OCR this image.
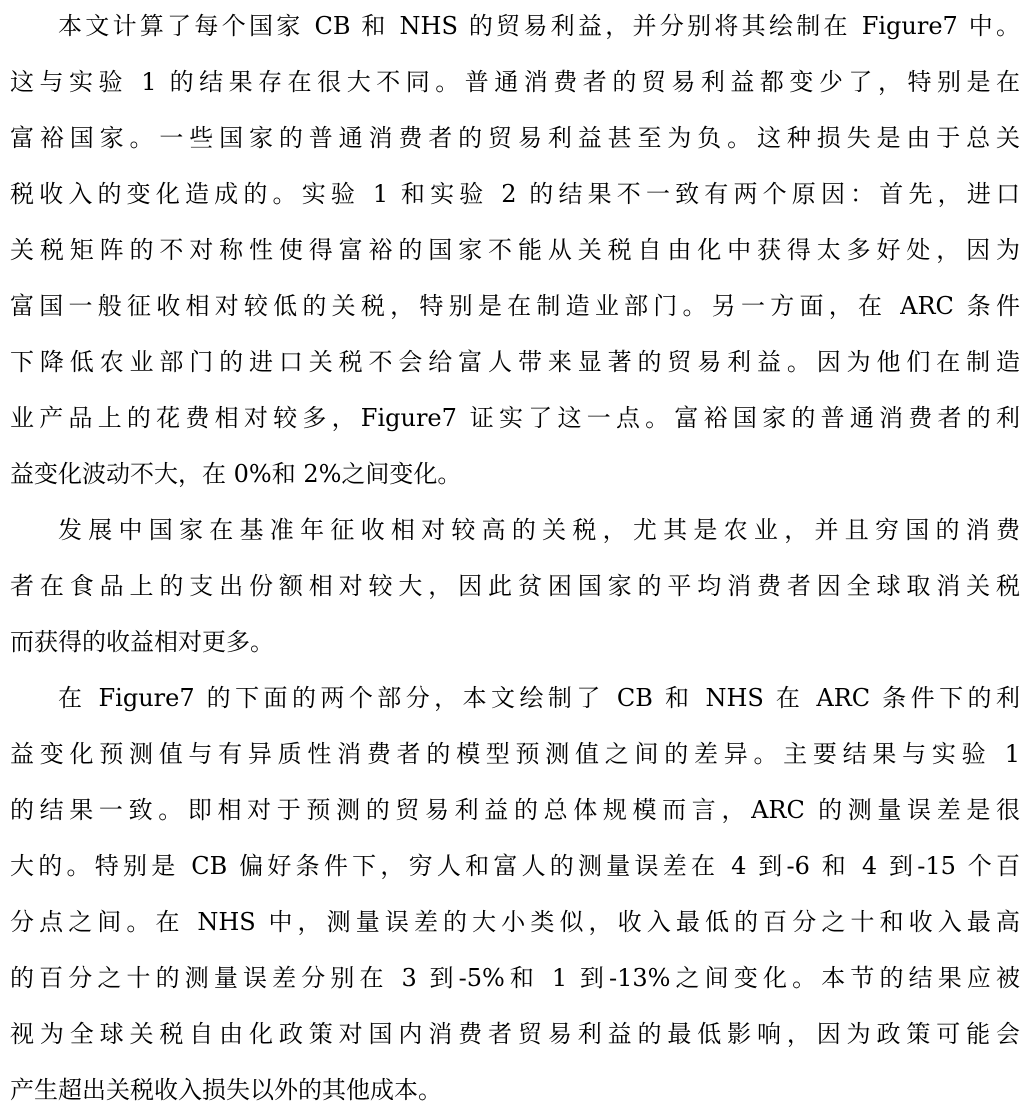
本文计算了每个国家 CB 和 NHS 的贸易利益，并分别将其绘制在 Figure7 中。
这与实验 1 的结果存在很大不同。普通消费者的贸易利益都变少了，特别是在
富裕国家。一些国家的普通消费者的贸易利益甚至为负。这种损失是由于总关
税收入的变化造成的。实验 1 和实验 2 的结果不一致有两个原因：首先，进口
关税矩阵的不对称性使得富裕的国家不能从关税自由化中获得太多好处，因为
富国一般征收相对较低的关税，特别是在制造业部门。另一方面，在 ARC 条件
下降低农业部门的进口关税不会给富人带来显著的贸易利益。因为他们在制造
业产品上的花费相对较多，Figure7 证实了这一点。富裕国家的普通消费者的利
益变化波动不大，在 0%和 2%之间变化。
发展中国家在基准年征收相对较高的关税，尤其是农业，并且穷国的消费
者在食品上的支出份额相对较大，因此贫困国家的平均消费者因全球取消关税
而获得的收益相对更多。
在 Figure7 的下面的两个部分，本文绘制了 CB 和 NHS 在 ARC 条件下的利
益变化预测值与有异质性消费者的模型预测值之间的差异。主要结果与实验 1
的结果一致。即相对于预测的贸易利益的总体规模而言，ARC 的测量误差是很
大的。特别是 CB 偏好条件下，穷人和富人的测量误差在 4 到-6 和 4 到-15 个百
分点之间。在 NHS 中，测量误差的大小类似，收入最低的百分之十和收入最高
的百分之十的测量误差分别在 3 到-5%和 1 到-13%之间变化。本节的结果应被
视为全球关税自由化政策对国内消费者贸易利益的最低影响，因为政策可能会
产生超出关税收入损失以外的其他成本。
